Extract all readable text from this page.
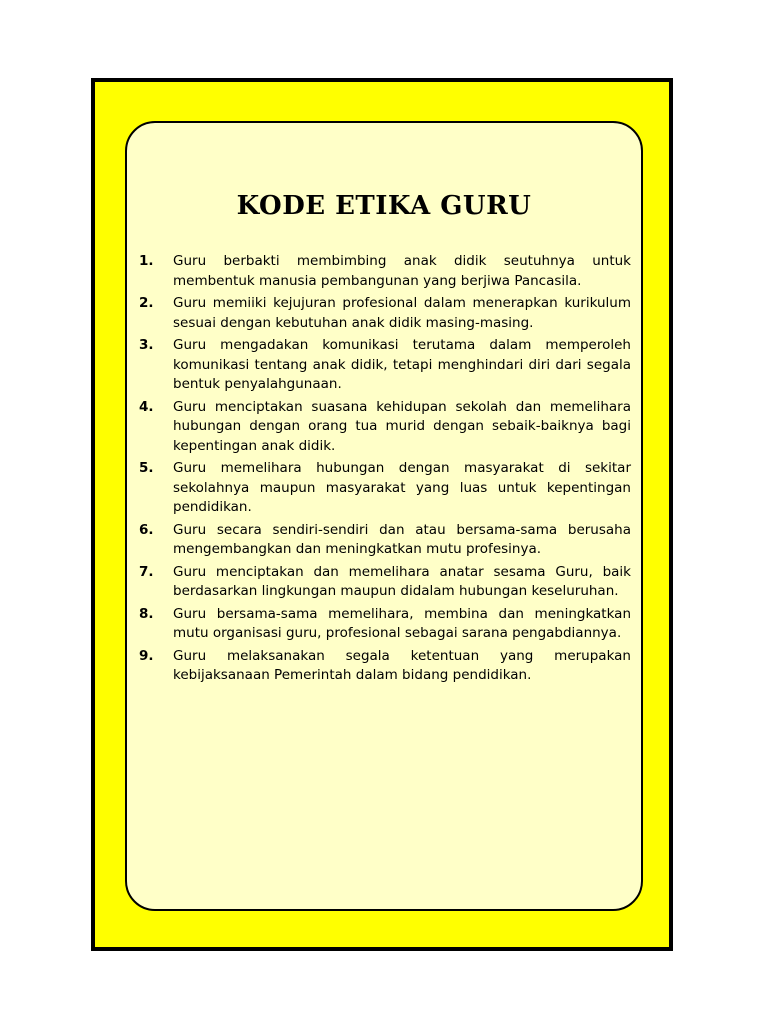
KODE ETIKA GURU
1.	Guru berbakti membimbing anak didik seutuhnya untuk membentuk manusia pembangunan yang berjiwa Pancasila.
2.	Guru memiiki kejujuran profesional dalam menerapkan kurikulum sesuai dengan kebutuhan anak didik masing-masing.
3.	Guru mengadakan komunikasi terutama dalam memperoleh komunikasi tentang anak didik, tetapi menghindari diri dari segala bentuk penyalahgunaan.
4.	Guru menciptakan suasana kehidupan sekolah dan memelihara hubungan dengan orang tua murid dengan sebaik-baiknya bagi kepentingan anak didik.
5.	Guru memelihara hubungan dengan masyarakat di sekitar sekolahnya maupun masyarakat yang luas untuk kepentingan pendidikan.
6.	Guru secara sendiri-sendiri dan atau bersama-sama berusaha mengembangkan dan meningkatkan mutu profesinya.
7.	Guru menciptakan dan memelihara anatar sesama Guru, baik berdasarkan lingkungan maupun didalam hubungan keseluruhan.
8.	Guru bersama-sama memelihara, membina dan meningkatkan mutu organisasi guru, profesional sebagai sarana pengabdiannya.
9.	Guru melaksanakan segala ketentuan yang merupakan kebijaksanaan Pemerintah dalam bidang pendidikan.
